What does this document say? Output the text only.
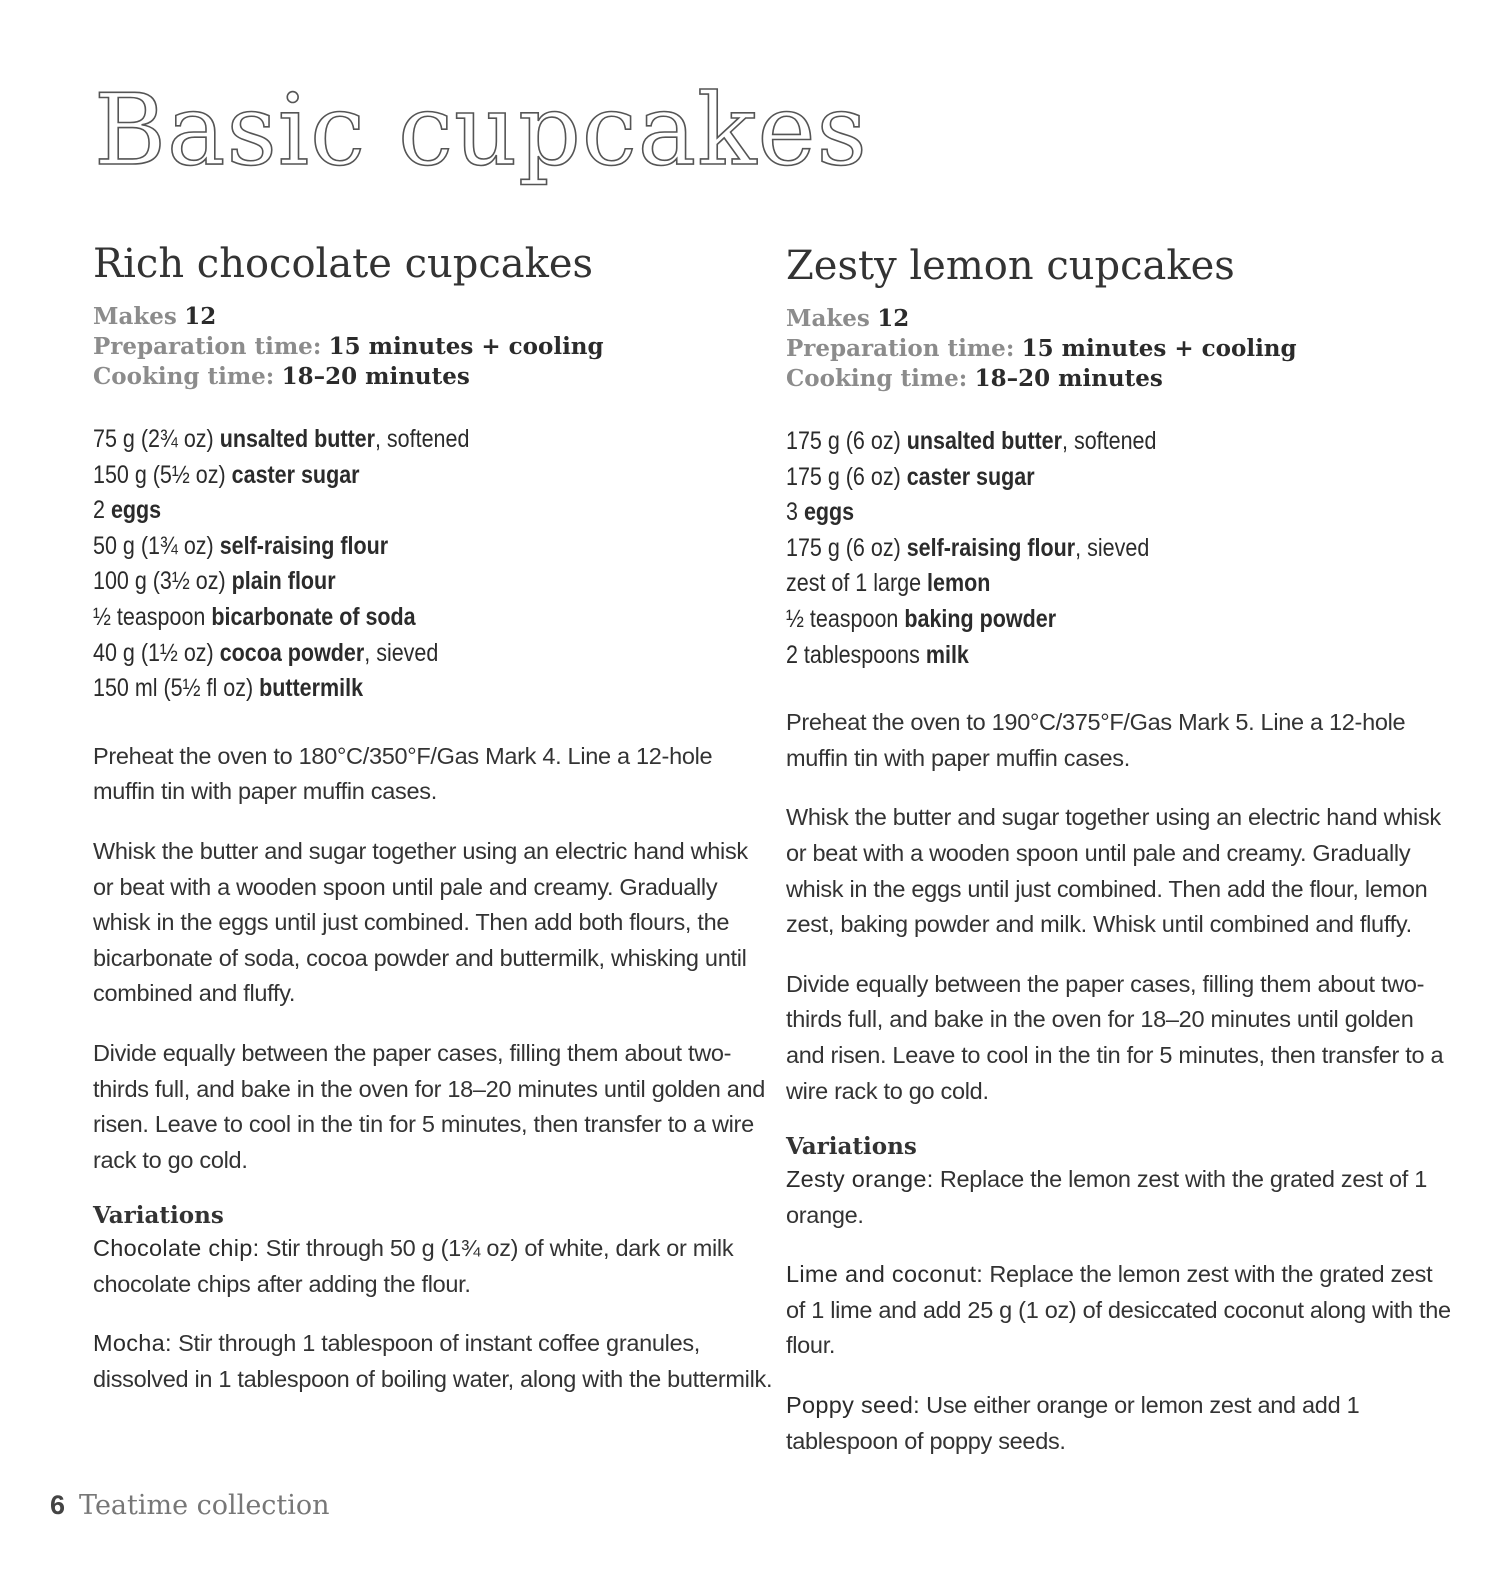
Basic cupcakes
Rich chocolate cupcakes
Makes 12
Preparation time: 15 minutes + cooling
Cooking time: 18–20 minutes
75 g (2¾ oz) unsalted butter, softened
150 g (5½ oz) caster sugar
2 eggs
50 g (1¾ oz) self-raising flour
100 g (3½ oz) plain flour
½ teaspoon bicarbonate of soda
40 g (1½ oz) cocoa powder, sieved
150 ml (5½ fl oz) buttermilk

Preheat the oven to 180°C/350°F/Gas Mark 4. Line a 12-hole muffin tin with paper muffin cases.

Whisk the butter and sugar together using an electric hand whisk or beat with a wooden spoon until pale and creamy. Gradually whisk in the eggs until just combined. Then add both flours, the bicarbonate of soda, cocoa powder and buttermilk, whisking until combined and fluffy.

Divide equally between the paper cases, filling them about two-thirds full, and bake in the oven for 18–20 minutes until golden and risen. Leave to cool in the tin for 5 minutes, then transfer to a wire rack to go cold.

Variations

Chocolate chip: Stir through 50 g (1¾ oz) of white, dark or milk chocolate chips after adding the flour.

Mocha: Stir through 1 tablespoon of instant coffee granules, dissolved in 1 tablespoon of boiling water, along with the buttermilk.

Zesty lemon cupcakes
Makes 12
Preparation time: 15 minutes + cooling
Cooking time: 18–20 minutes
175 g (6 oz) unsalted butter, softened
175 g (6 oz) caster sugar
3 eggs
175 g (6 oz) self-raising flour, sieved
zest of 1 large lemon
½ teaspoon baking powder
2 tablespoons milk

Preheat the oven to 190°C/375°F/Gas Mark 5. Line a 12-hole muffin tin with paper muffin cases.

Whisk the butter and sugar together using an electric hand whisk or beat with a wooden spoon until pale and creamy. Gradually whisk in the eggs until just combined. Then add the flour, lemon zest, baking powder and milk. Whisk until combined and fluffy.

Divide equally between the paper cases, filling them about two-thirds full, and bake in the oven for 18–20 minutes until golden and risen. Leave to cool in the tin for 5 minutes, then transfer to a wire rack to go cold.

Variations

Zesty orange: Replace the lemon zest with the grated zest of 1 orange.

Lime and coconut: Replace the lemon zest with the grated zest of 1 lime and add 25 g (1 oz) of desiccated coconut along with the flour.

Poppy seed: Use either orange or lemon zest and add 1 tablespoon of poppy seeds.

6 Teatime collection
